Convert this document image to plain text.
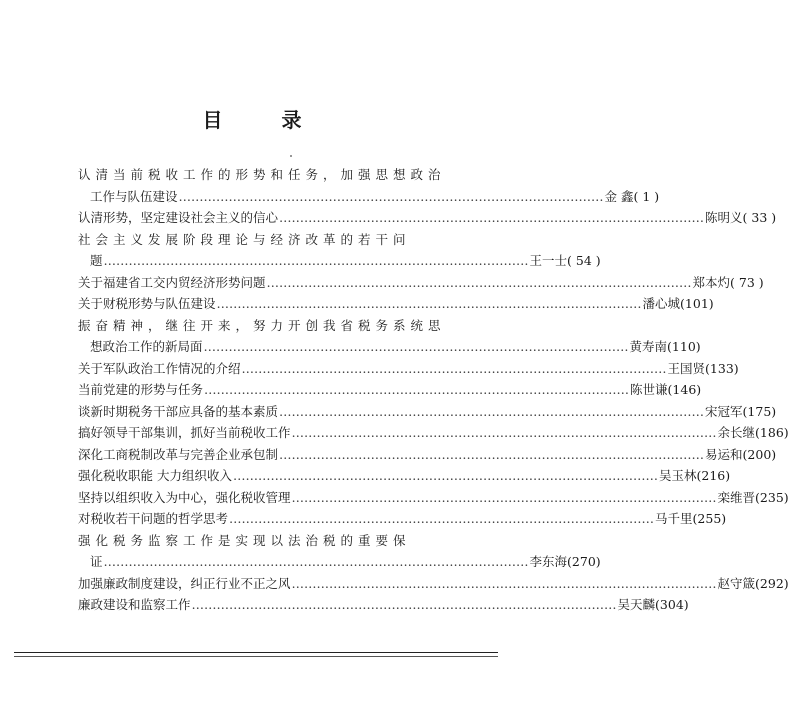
目 录
认清当前税收工作的形势和任务，加强思想政治
工作与队伍建设 ………………………………………………………………………………………… 金 鑫 ( 1 )
认清形势，坚定建设社会主义的信心 ………………………………………………………………………………………… 陈明义 ( 33 )
社会主义发展阶段理论与经济改革的若干问
题 ………………………………………………………………………………………… 王一士 ( 54 )
关于福建省工交内贸经济形势问题 ………………………………………………………………………………………… 郑本灼 ( 73 )
关于财税形势与队伍建设 ………………………………………………………………………………………… 潘心城 (101)
振奋精神，继往开来，努力开创我省税务系统思
想政治工作的新局面 ………………………………………………………………………………………… 黄寿南 (110)
关于军队政治工作情况的介绍 ………………………………………………………………………………………… 王国贤 (133)
当前党建的形势与任务 ………………………………………………………………………………………… 陈世谦 (146)
谈新时期税务干部应具备的基本素质 ………………………………………………………………………………………… 宋冠军 (175)
搞好领导干部集训，抓好当前税收工作 ………………………………………………………………………………………… 余长继 (186)
深化工商税制改革与完善企业承包制 ………………………………………………………………………………………… 易运和 (200)
强化税收职能 大力组织收入 ………………………………………………………………………………………… 吴玉林 (216)
坚持以组织收入为中心，强化税收管理 ………………………………………………………………………………………… 栾维晋 (235)
对税收若干问题的哲学思考 ………………………………………………………………………………………… 马千里 (255)
强化税务监察工作是实现以法治税的重要保
证 ………………………………………………………………………………………… 李东海 (270)
加强廉政制度建设，纠正行业不正之风 ………………………………………………………………………………………… 赵守箴 (292)
廉政建设和监察工作 ………………………………………………………………………………………… 吴天麟 (304)
